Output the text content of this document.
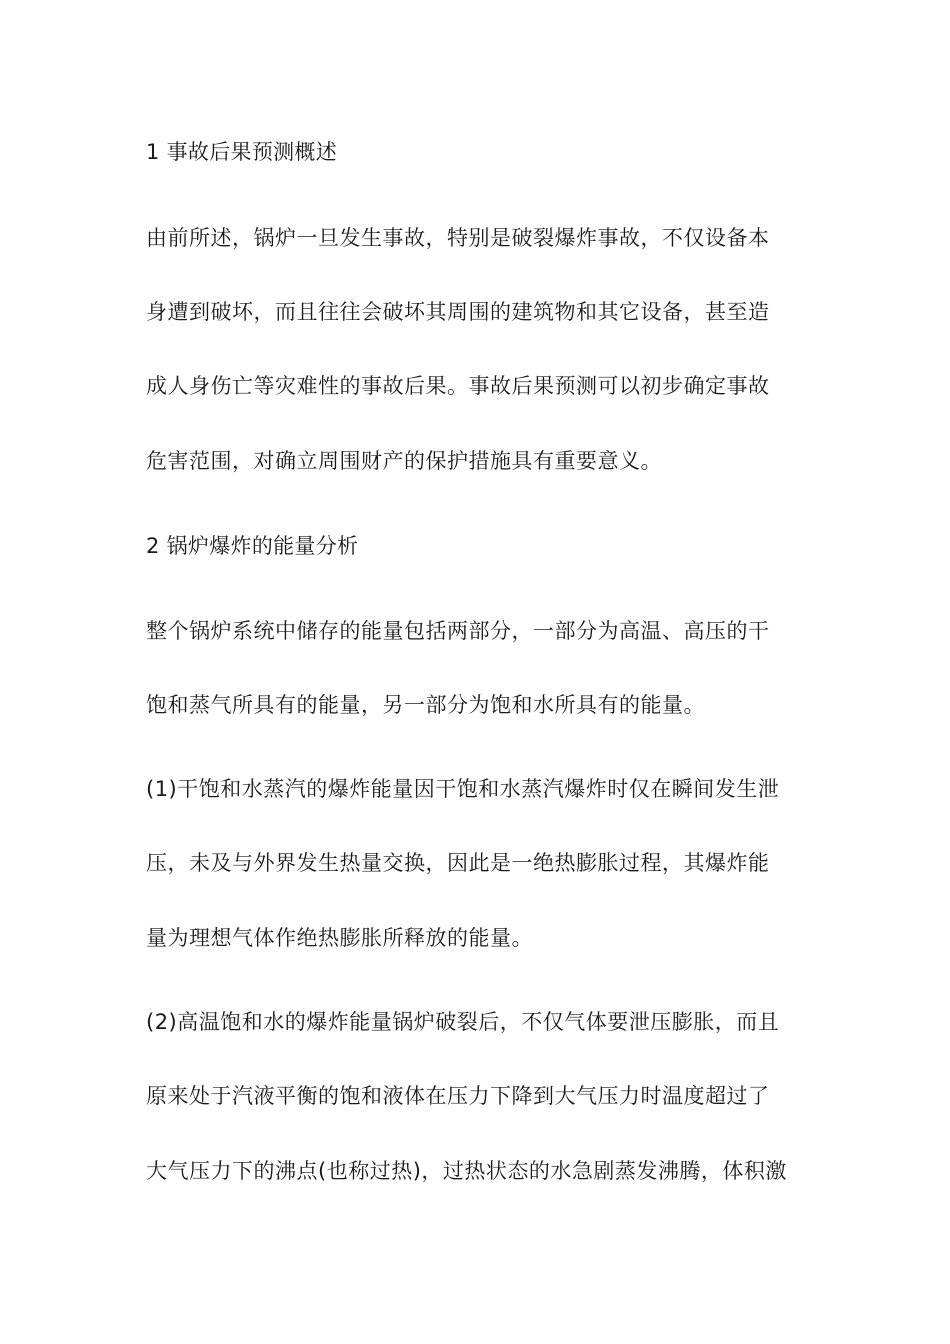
1 事故后果预测概述
由前所述，锅炉一旦发生事故，特别是破裂爆炸事故，不仅设备本
身遭到破坏，而且往往会破坏其周围的建筑物和其它设备，甚至造
成人身伤亡等灾难性的事故后果。事故后果预测可以初步确定事故
危害范围，对确立周围财产的保护措施具有重要意义。
2 锅炉爆炸的能量分析
整个锅炉系统中储存的能量包括两部分，一部分为高温、高压的干
饱和蒸气所具有的能量，另一部分为饱和水所具有的能量。
(1)干饱和水蒸汽的爆炸能量因干饱和水蒸汽爆炸时仅在瞬间发生泄
压，未及与外界发生热量交换，因此是一绝热膨胀过程，其爆炸能
量为理想气体作绝热膨胀所释放的能量。
(2)高温饱和水的爆炸能量锅炉破裂后，不仅气体要泄压膨胀，而且
原来处于汽液平衡的饱和液体在压力下降到大气压力时温度超过了
大气压力下的沸点(也称过热)，过热状态的水急剧蒸发沸腾，体积激
